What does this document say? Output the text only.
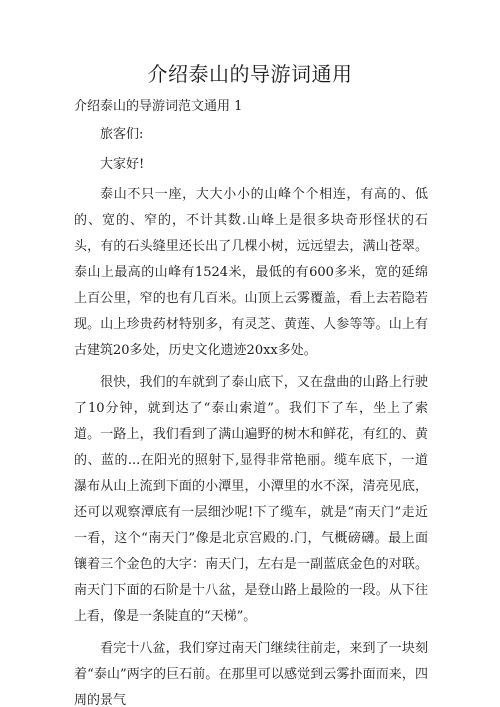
介绍泰山的导游词通用
介绍泰山的导游词范文通用 1

旅客们:

大家好!

泰山不只一座，大大小小的山峰个个相连，有高的、低的、宽的、窄的，不计其数.山峰上是很多块奇形怪状的石头，有的石头缝里还长出了几棵小树，远远望去，满山苍翠。泰山上最高的山峰有1524米，最低的有600多米，宽的延绵上百公里，窄的也有几百米。山顶上云雾覆盖，看上去若隐若现。山上珍贵药材特别多，有灵芝、黄莲、人参等等。山上有古建筑20多处，历史文化遗迹20xx多处。

很快，我们的车就到了泰山底下，又在盘曲的山路上行驶了10分钟，就到达了“泰山索道”。我们下了车，坐上了索道。一路上，我们看到了满山遍野的树木和鲜花，有红的、黄的、蓝的...在阳光的照射下,显得非常艳丽。缆车底下，一道瀑布从山上流到下面的小潭里，小潭里的水不深，清亮见底，还可以观察潭底有一层细沙呢!下了缆车，就是“南天门”走近一看，这个“南天门”像是北京宫殿的.门，气概磅礴。最上面镶着三个金色的大字：南天门，左右是一副蓝底金色的对联。南天门下面的石阶是十八盆，是登山路上最险的一段。从下往上看，像是一条陡直的“天梯”。

看完十八盆，我们穿过南天门继续往前走，来到了一块刻着“泰山”两字的巨石前。在那里可以感觉到云雾扑面而来，四周的景气
